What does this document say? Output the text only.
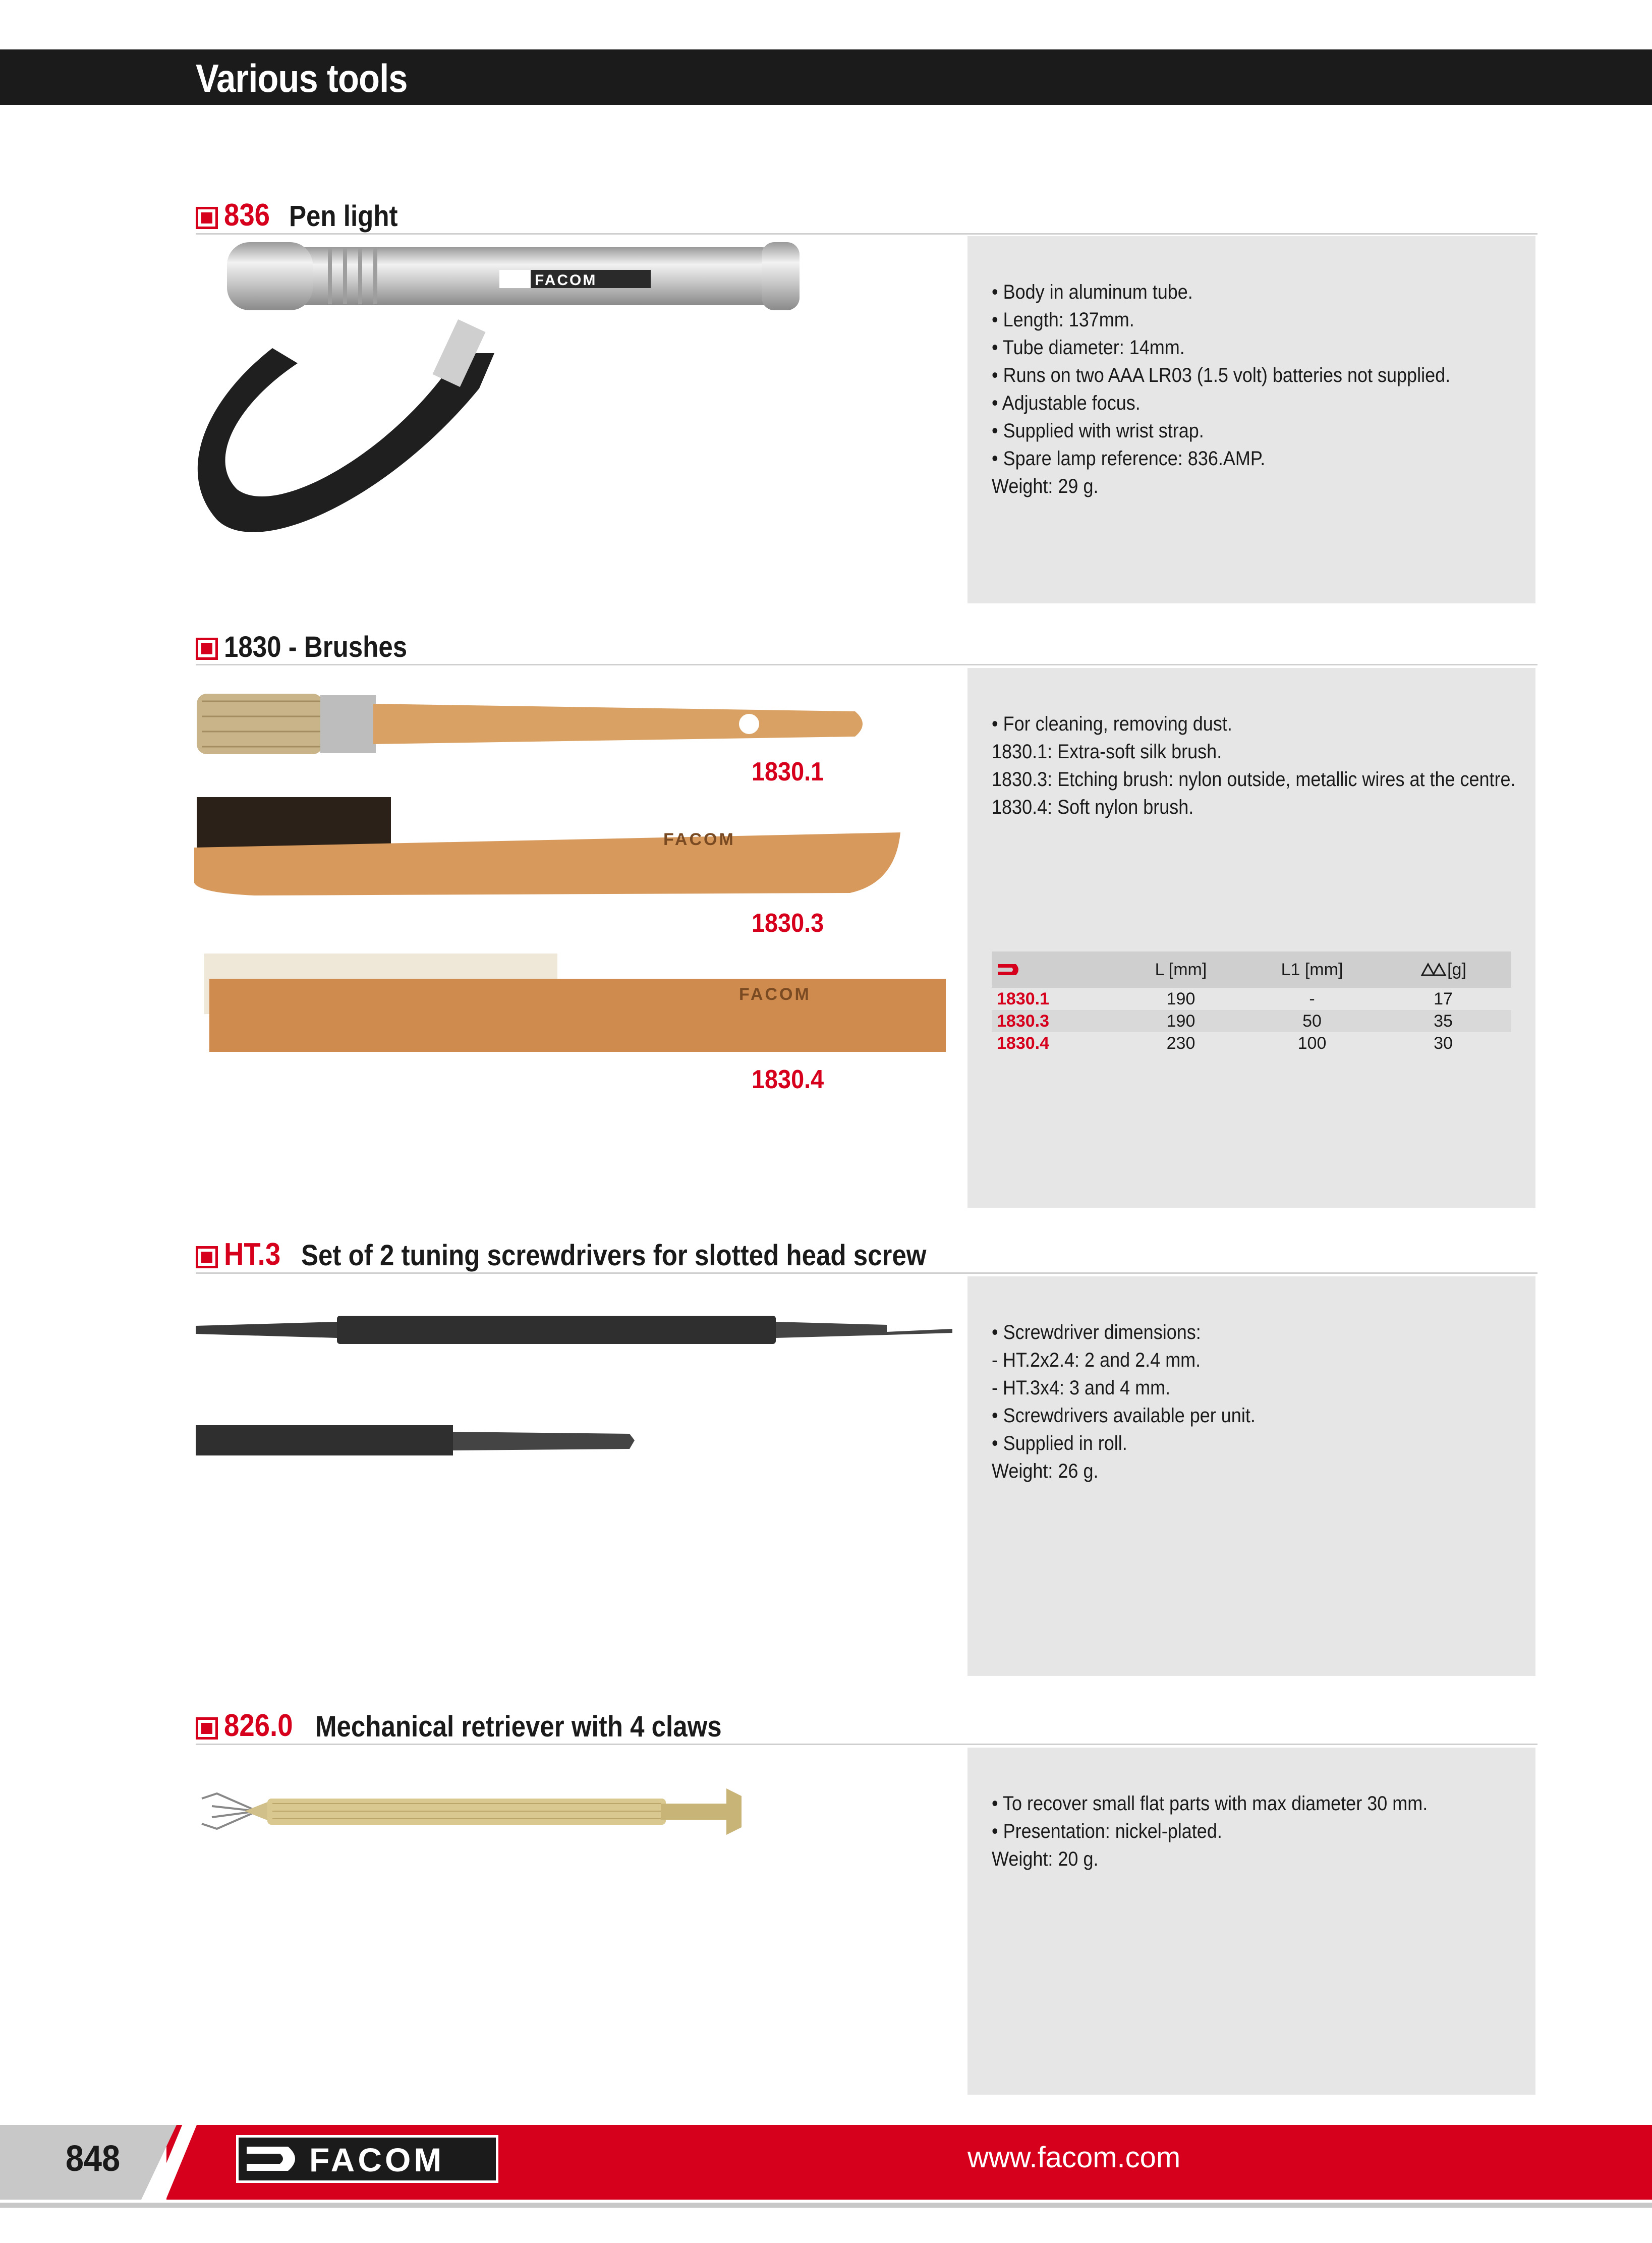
Various tools
836 Pen light
FACOM
• Body in aluminum tube.
• Length: 137mm.
• Tube diameter: 14mm.
• Runs on two AAA LR03 (1.5 volt) batteries not supplied.
• Adjustable focus.
• Supplied with wrist strap.
• Spare lamp reference: 836.AMP.
Weight: 29 g.
1830 - Brushes
FACOM
FACOM
1830.1
1830.3
1830.4
• For cleaning, removing dust.
1830.1: Extra-soft silk brush.
1830.3: Etching brush: nylon outside, metallic wires at the centre.
1830.4: Soft nylon brush.
L [mm]	L1 [mm]	[g]
1830.1	190	-	17
1830.3	190	50	35
1830.4	230	100	30
HT.3 Set of 2 tuning screwdrivers for slotted head screw
• Screwdriver dimensions:
- HT.2x2.4: 2 and 2.4 mm.
- HT.3x4: 3 and 4 mm.
• Screwdrivers available per unit.
• Supplied in roll.
Weight: 26 g.
826.0 Mechanical retriever with 4 claws
• To recover small flat parts with max diameter 30 mm.
• Presentation: nickel-plated.
Weight: 20 g.
848	FACOM	www.facom.com
